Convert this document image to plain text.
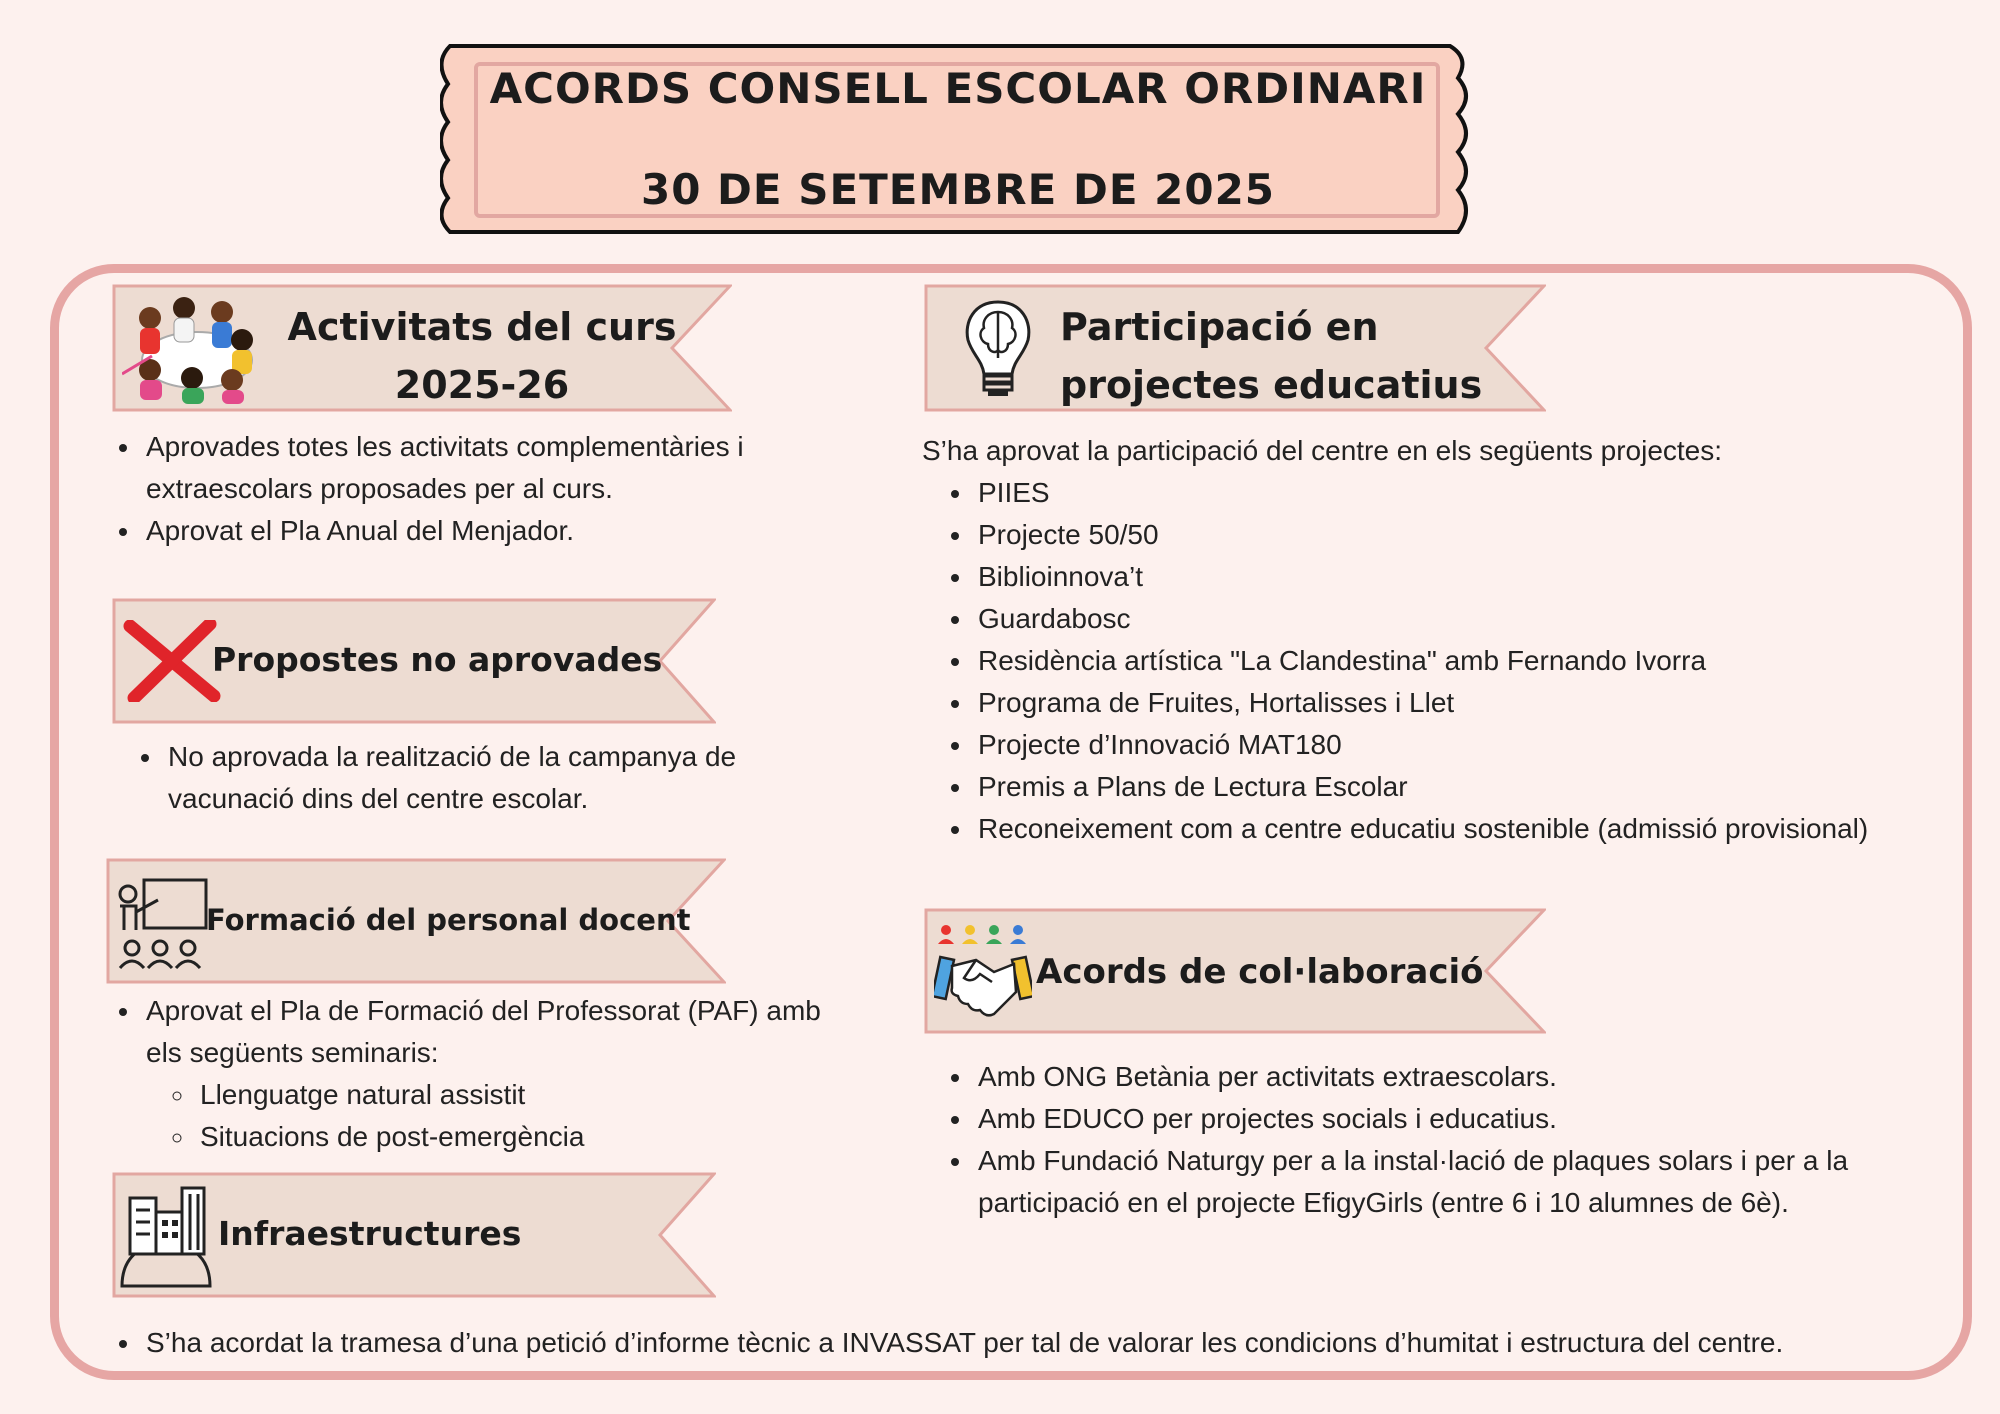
ACORDS CONSELL ESCOLAR ORDINARI
30 DE SETEMBRE DE 2025
Activitats del curs
2025-26
• Aprovades totes les activitats complementàries i extraescolars proposades per al curs.
• Aprovat el Pla Anual del Menjador.
Propostes no aprovades
• No aprovada la realització de la campanya de vacunació dins del centre escolar.
Formació del personal docent
• Aprovat el Pla de Formació del Professorat (PAF) amb els següents seminaris:
◦ Llenguatge natural assistit
◦ Situacions de post-emergència
Infraestructures
• S’ha acordat la tramesa d’una petició d’informe tècnic a INVASSAT per tal de valorar les condicions d’humitat i estructura del centre.
Participació en
projectes educatius
S’ha aprovat la participació del centre en els següents projectes:
• PIIES
• Projecte 50/50
• Biblioinnova’t
• Guardabosc
• Residència artística "La Clandestina" amb Fernando Ivorra
• Programa de Fruites, Hortalisses i Llet
• Projecte d’Innovació MAT180
• Premis a Plans de Lectura Escolar
• Reconeixement com a centre educatiu sostenible (admissió provisional)
Acords de col·laboració
• Amb ONG Betània per activitats extraescolars.
• Amb EDUCO per projectes socials i educatius.
• Amb Fundació Naturgy per a la instal·lació de plaques solars i per a la participació en el projecte EfigyGirls (entre 6 i 10 alumnes de 6è).
